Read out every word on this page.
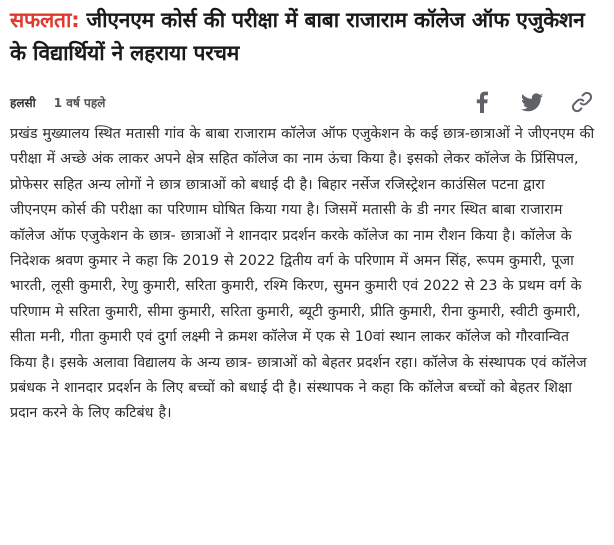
सफलता: जीएनएम कोर्स की परीक्षा में बाबा राजाराम कॉलेज ऑफ एजुकेशन के विद्यार्थियों ने लहराया परचम
हलसी 1 वर्ष पहले

प्रखंड मुख्यालय स्थित मतासी गांव के बाबा राजाराम कॉलेज ऑफ एजुकेशन के कई छात्र-छात्राओं ने जीएनएम की परीक्षा में अच्छे अंक लाकर अपने क्षेत्र सहित कॉलेज का नाम ऊंचा किया है। इसको लेकर कॉलेज के प्रिंसिपल, प्रोफेसर सहित अन्य लोगों ने छात्र छात्राओं को बधाई दी है। बिहार नर्सेज रजिस्ट्रेशन काउंसिल पटना द्वारा जीएनएम कोर्स की परीक्षा का परिणाम घोषित किया गया है। जिसमें मतासी के डी नगर स्थित बाबा राजाराम कॉलेज ऑफ एजुकेशन के छात्र- छात्राओं ने शानदार प्रदर्शन करके कॉलेज का नाम रौशन किया है। कॉलेज के निदेशक श्रवण कुमार ने कहा कि 2019 से 2022 द्वितीय वर्ग के परिणाम में अमन सिंह, रूपम कुमारी, पूजा भारती, लूसी कुमारी, रेणु कुमारी, सरिता कुमारी, रश्मि किरण, सुमन कुमारी एवं 2022 से 23 के प्रथम वर्ग के परिणाम मे सरिता कुमारी, सीमा कुमारी, सरिता कुमारी, ब्यूटी कुमारी, प्रीति कुमारी, रीना कुमारी, स्वीटी कुमारी, सीता मनी, गीता कुमारी एवं दुर्गा लक्ष्मी ने क्रमश कॉलेज में एक से 10वां स्थान लाकर कॉलेज को गौरवान्वित किया है। इसके अलावा विद्यालय के अन्य छात्र- छात्राओं को बेहतर प्रदर्शन रहा। कॉलेज के संस्थापक एवं कॉलेज प्रबंधक ने शानदार प्रदर्शन के लिए बच्चों को बधाई दी है। संस्थापक ने कहा कि कॉलेज बच्चों को बेहतर शिक्षा प्रदान करने के लिए कटिबंध है।
